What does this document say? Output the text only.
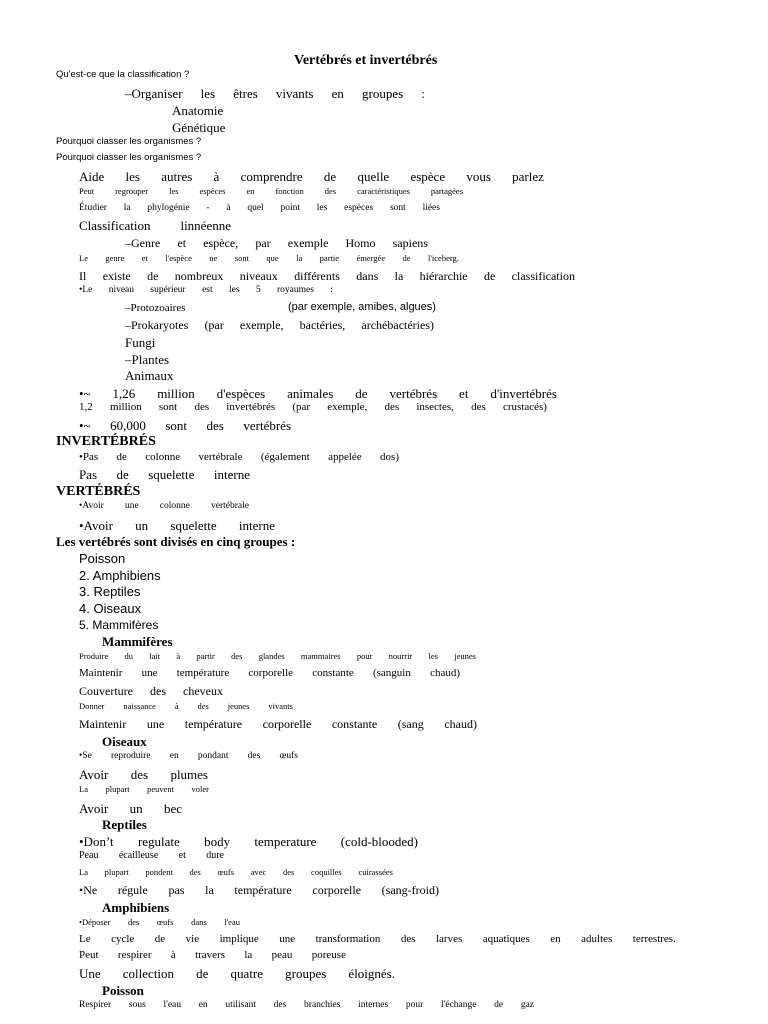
Vertébrés et invertébrés
Qu'est-ce que la classification ?
–Organiser les êtres vivants en groupes :
Anatomie
Génétique
Pourquoi classer les organismes ?
Pourquoi classer les organismes ?
Aide les autres à comprendre de quelle espèce vous parlez
Peut regrouper les espèces en fonction des caractéristiques partagées
Étudier la phylogénie - à quel point les espèces sont liées
Classification linnéenne
–Genre et espèce, par exemple Homo sapiens
Le genre et l'espèce ne sont que la partie émergée de l'iceberg.
Il existe de nombreux niveaux différents dans la hiérarchie de classification
•Le niveau supérieur est les 5 royaumes :
–Protozoaires	(par exemple, amibes, algues)
–Prokaryotes (par exemple, bactéries, archébactéries)
Fungi
–Plantes
Animaux
•~ 1,26 million d'espèces animales de vertébrés et d'invertébrés
1,2 million sont des invertébrés (par exemple, des insectes, des crustacés)
•~ 60,000 sont des vertébrés
INVERTÉBRÉS
•Pas de colonne vertébrale (également appelée dos)
Pas de squelette interne
VERTÉBRÉS
•Avoir une colonne vertébrale
•Avoir un squelette interne
Les vertébrés sont divisés en cinq groupes :
Poisson
2. Amphibiens
3. Reptiles
4. Oiseaux
5. Mammifères
Mammifères
Produire du lait à partir des glandes mammaires pour nourrir les jeunes
Maintenir une température corporelle constante (sanguin chaud)
Couverture des cheveux
Donner naissance à des jeunes vivants
Maintenir une température corporelle constante (sang chaud)
Oiseaux
•Se reproduire en pondant des œufs
Avoir des plumes
La plupart peuvent voler
Avoir un bec
Reptiles
•Don’t regulate body temperature (cold-blooded)
Peau écailleuse et dure
La plupart pondent des œufs avec des coquilles cuirassées
•Ne régule pas la température corporelle (sang-froid)
Amphibiens
•Déposer des œufs dans l'eau
Le cycle de vie implique une transformation des larves aquatiques en adultes terrestres.
Peut respirer à travers la peau poreuse
Une collection de quatre groupes éloignés.
Poisson
Respirer sous l'eau en utilisant des branchies internes pour l'échange de gaz
